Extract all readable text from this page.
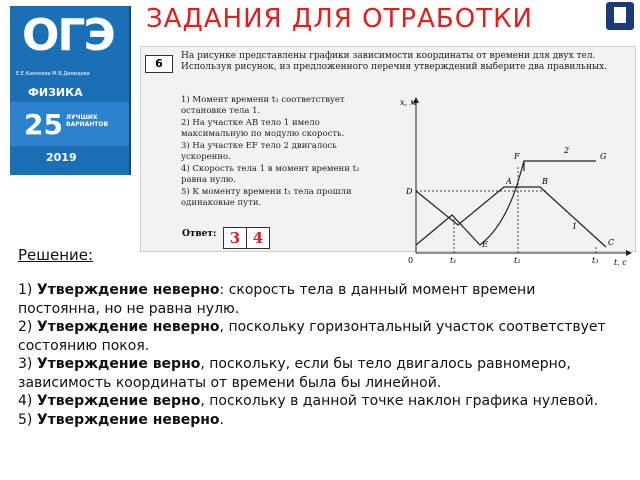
ОГЭ
Е.Е.Камзеева М.В.Демидова
ФИЗИКА
25 ЛУЧШИХ ВАРИАНТОВ
2019
ЗАДАНИЯ ДЛЯ ОТРАБОТКИ
6
На рисунке представлены графики зависимости координаты от времени для двух тел. Используя рисунок, из предложенного перечня утверждений выберите два правильных.
1) Момент времени t₃ соответствует остановке тела 1.
2) На участке AB тело 1 имело максимальную по модулю скорость.
3) На участке EF тело 2 двигалось ускоренно.
4) Скорость тела 1 в момент времени t₂ равна нулю.
5) К моменту времени t₁ тела прошли одинаковые пути.
Ответ: 3 4
x, м
t, с
0
D
A	B
C
E
F	G
1
2
t₁	t₂	t₃
Решение:
1) Утверждение неверно: скорость тела в данный момент времени постоянна, но не равна нулю.
2) Утверждение неверно, поскольку горизонтальный участок соответствует состоянию покоя.
3) Утверждение верно, поскольку, если бы тело двигалось равномерно, зависимость координаты от времени была бы линейной.
4) Утверждение верно, поскольку в данной точке наклон графика нулевой.
5) Утверждение неверно.
